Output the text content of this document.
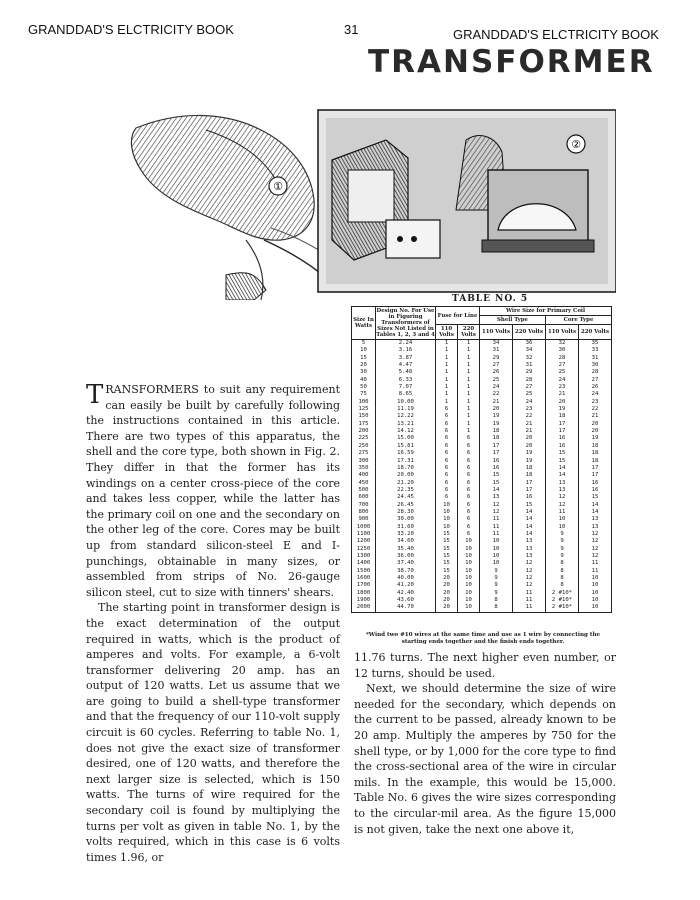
GRANDDAD'S ELCTRICITY BOOK	31	GRANDDAD'S ELCTRICITY BOOK
TRANSFORMER
①
②
TABLE NO. 5
Size In Watts	Design No. For Use in Figuring Transformers of Sizes Not Listed in Tables 1, 2, 3 and 4	Fuse for Line		Wire Size for Primary Coil			
				Shell Type		Core Type	
		110 Volts	220 Volts	110 Volts	220 Volts	110 Volts	220 Volts
5	2.24	1	1	34	36	32	35
10	3.16	1	1	31	34	30	33
15	3.87	1	1	29	32	28	31
20	4.47	1	1	27	31	27	30
30	5.48	1	1	26	29	25	28
40	6.33	1	1	25	28	24	27
50	7.07	1	1	24	27	23	26
75	8.65	1	1	22	25	21	24
100	10.00	1	1	21	24	20	23
125	11.19	6	1	20	23	19	22
150	12.22	6	1	19	22	18	21
175	13.21	6	1	19	21	17	20
200	14.12	6	1	18	21	17	20
225	15.00	6	6	18	20	16	19
250	15.81	6	6	17	20	16	18
275	16.59	6	6	17	19	15	18
300	17.31	6	6	16	19	15	18
350	18.70	6	6	16	18	14	17
400	20.00	6	6	15	18	14	17
450	21.20	6	6	15	17	13	16
500	22.35	6	6	14	17	13	16
600	24.45	6	6	13	16	12	15
700	26.45	10	6	12	15	12	14
800	28.30	10	6	12	14	11	14
900	30.00	10	6	11	14	10	13
1000	31.60	10	6	11	14	10	13
1100	33.20	15	6	11	14	9	12
1200	34.60	15	10	10	13	9	12
1250	35.40	15	10	10	13	9	12
1300	36.00	15	10	10	13	9	12
1400	37.40	15	10	10	12	8	11
1500	38.70	15	10	9	12	8	11
1600	40.00	20	10	9	12	8	10
1700	41.20	20	10	9	12	8	10
1800	42.40	20	10	9	11	2 #10*	10
1900	43.60	20	10	8	11	2 #10*	10
2000	44.70	20	10	8	11	2 #10*	10
*Wind two #10 wires at the same time and use as 1 wire by connecting the starting ends together and the finish ends together.

TRANSFORMERS to suit any requirement can easily be built by carefully following the instructions contained in this article. There are two types of this apparatus, the shell and the core type, both shown in Fig. 2. They differ in that the former has its windings on a center cross-piece of the core and takes less copper, while the latter has the primary coil on one and the secondary on the other leg of the core. Cores may be built up from standard silicon-steel E and I-punchings, obtainable in many sizes, or assembled from strips of No. 26-gauge silicon steel, cut to size with tinners' shears.

The starting point in transformer design is the exact determination of the output required in watts, which is the product of amperes and volts. For example, a 6-volt transformer delivering 20 amp. has an output of 120 watts. Let us assume that we are going to build a shell-type transformer and that the frequency of our 110-volt supply circuit is 60 cycles. Referring to table No. 1, does not give the exact size of transformer desired, one of 120 watts, and therefore the next larger size is selected, which is 150 watts. The turns of wire required for the secondary coil is found by multiplying the turns per volt as given in table No. 1, by the volts required, which in this case is 6 volts times 1.96, or

11.76 turns. The next higher even number, or 12 turns, should be used.

Next, we should determine the size of wire needed for the secondary, which depends on the current to be passed, already known to be 20 amp. Multiply the amperes by 750 for the shell type, or by 1,000 for the core type to find the cross-sectional area of the wire in circular mils. In the example, this would be 15,000. Table No. 6 gives the wire sizes corresponding to the circular-mil area. As the figure 15,000 is not given, take the next one above it,
